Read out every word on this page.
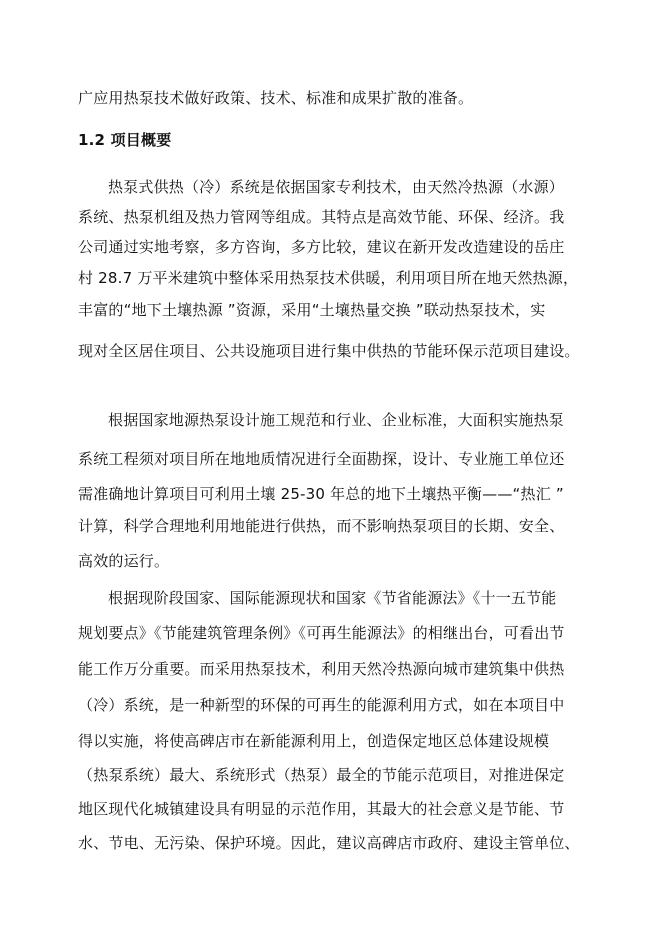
广应用热泵技术做好政策、技术、标准和成果扩散的准备。
1.2 项目概要
热泵式供热（冷）系统是依据国家专利技术，由天然冷热源（水源）
系统、热泵机组及热力管网等组成。其特点是高效节能、环保、经济。我
公司通过实地考察，多方咨询，多方比较，建议在新开发改造建设的岳庄
村 28.7 万平米建筑中整体采用热泵技术供暖，利用项目所在地天然热源，
丰富的“地下土壤热源 ”资源，采用“土壤热量交换 ”联动热泵技术，实
现对全区居住项目、公共设施项目进行集中供热的节能环保示范项目建设。
根据国家地源热泵设计施工规范和行业、企业标准，大面积实施热泵
系统工程须对项目所在地地质情况进行全面勘探，设计、专业施工单位还
需准确地计算项目可利用土壤 25-30 年总的地下土壤热平衡——“热汇 ”
计算，科学合理地利用地能进行供热，而不影响热泵项目的长期、安全、
高效的运行。
根据现阶段国家、国际能源现状和国家《节省能源法》《十一五节能
规划要点》《节能建筑管理条例》《可再生能源法》的相继出台，可看出节
能工作万分重要。而采用热泵技术，利用天然冷热源向城市建筑集中供热
（冷）系统，是一种新型的环保的可再生的能源利用方式，如在本项目中
得以实施，将使高碑店市在新能源利用上，创造保定地区总体建设规模
（热泵系统）最大、系统形式（热泵）最全的节能示范项目，对推进保定
地区现代化城镇建设具有明显的示范作用，其最大的社会意义是节能、节
水、节电、无污染、保护环境。因此，建议高碑店市政府、建设主管单位、
